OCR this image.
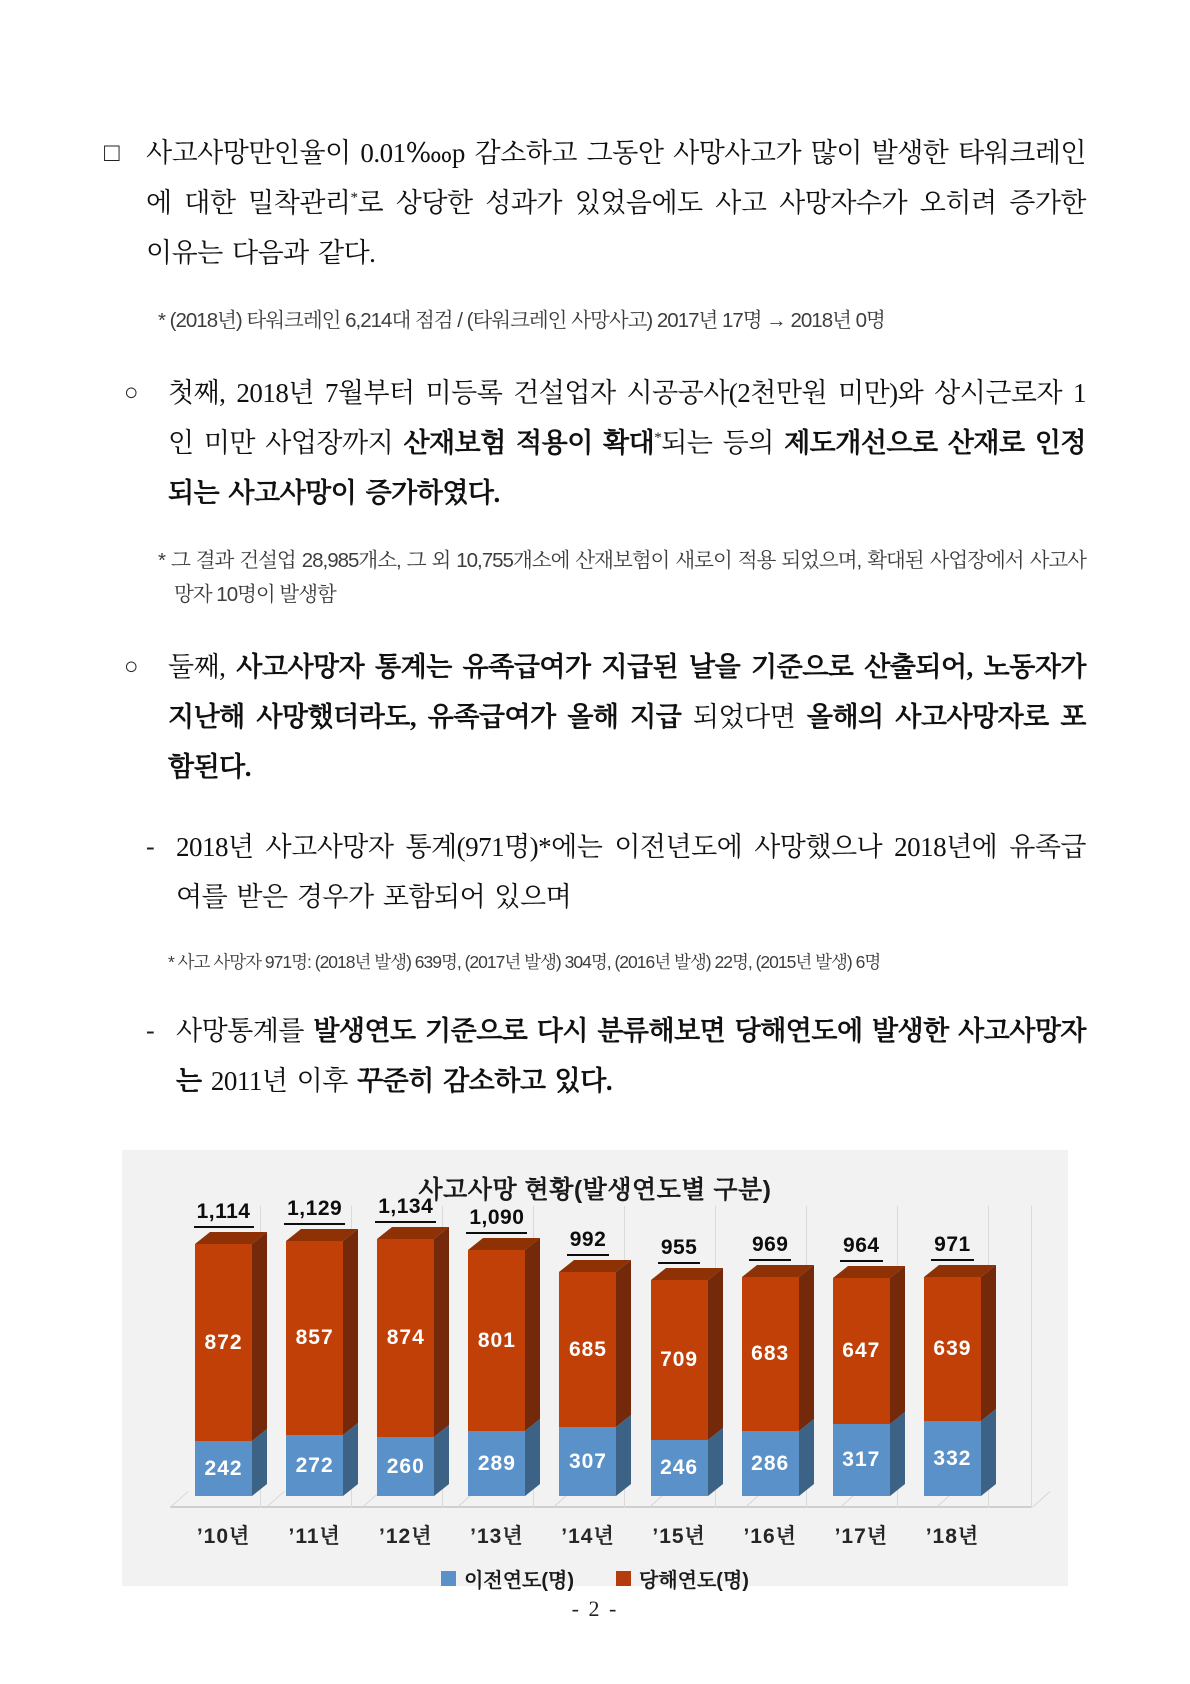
□ 사고사망만인율이 0.01‱p 감소하고 그동안 사망사고가 많이 발생한 타워크레인에 대한 밀착관리*로 상당한 성과가 있었음에도 사고 사망자수가 오히려 증가한 이유는 다음과 같다.
* (2018년) 타워크레인 6,214대 점검 / (타워크레인 사망사고) 2017년 17명 → 2018년 0명
○	첫째, 2018년 7월부터 미등록 건설업자 시공공사(2천만원 미만)와 상시근로자 1인 미만 사업장까지 산재보험 적용이 확대*되는 등의 제도개선으로 산재로 인정되는 사고사망이 증가하였다.
* 그 결과 건설업 28,985개소, 그 외 10,755개소에 산재보험이 새로이 적용 되었으며, 확대된 사업장에서 사고사망자 10명이 발생함
○	둘째, 사고사망자 통계는 유족급여가 지급된 날을 기준으로 산출되어, 노동자가 지난해 사망했더라도, 유족급여가 올해 지급 되었다면 올해의 사고사망자로 포함된다.
- 2018년 사고사망자 통계(971명)*에는 이전년도에 사망했으나 2018년에 유족급여를 받은 경우가 포함되어 있으며
* 사고 사망자 971명: (2018년 발생) 639명, (2017년 발생) 304명, (2016년 발생) 22명, (2015년 발생) 6명
- 사망통계를 발생연도 기준으로 다시 분류해보면 당해연도에 발생한 사고사망자는 2011년 이후 꾸준히 감소하고 있다.
사고사망 현황(발생연도별 구분)
1,114
872
242
1,129
857
272
1,134
874
260
1,090
801
289
992
685
307
955
709
246
969
683
286
964
647
317
971
639
332
’10년	’11년	’12년	’13년	’14년	’15년	’16년	’17년	’18년
이전연도(명)	당해연도(명)
- 2 -
